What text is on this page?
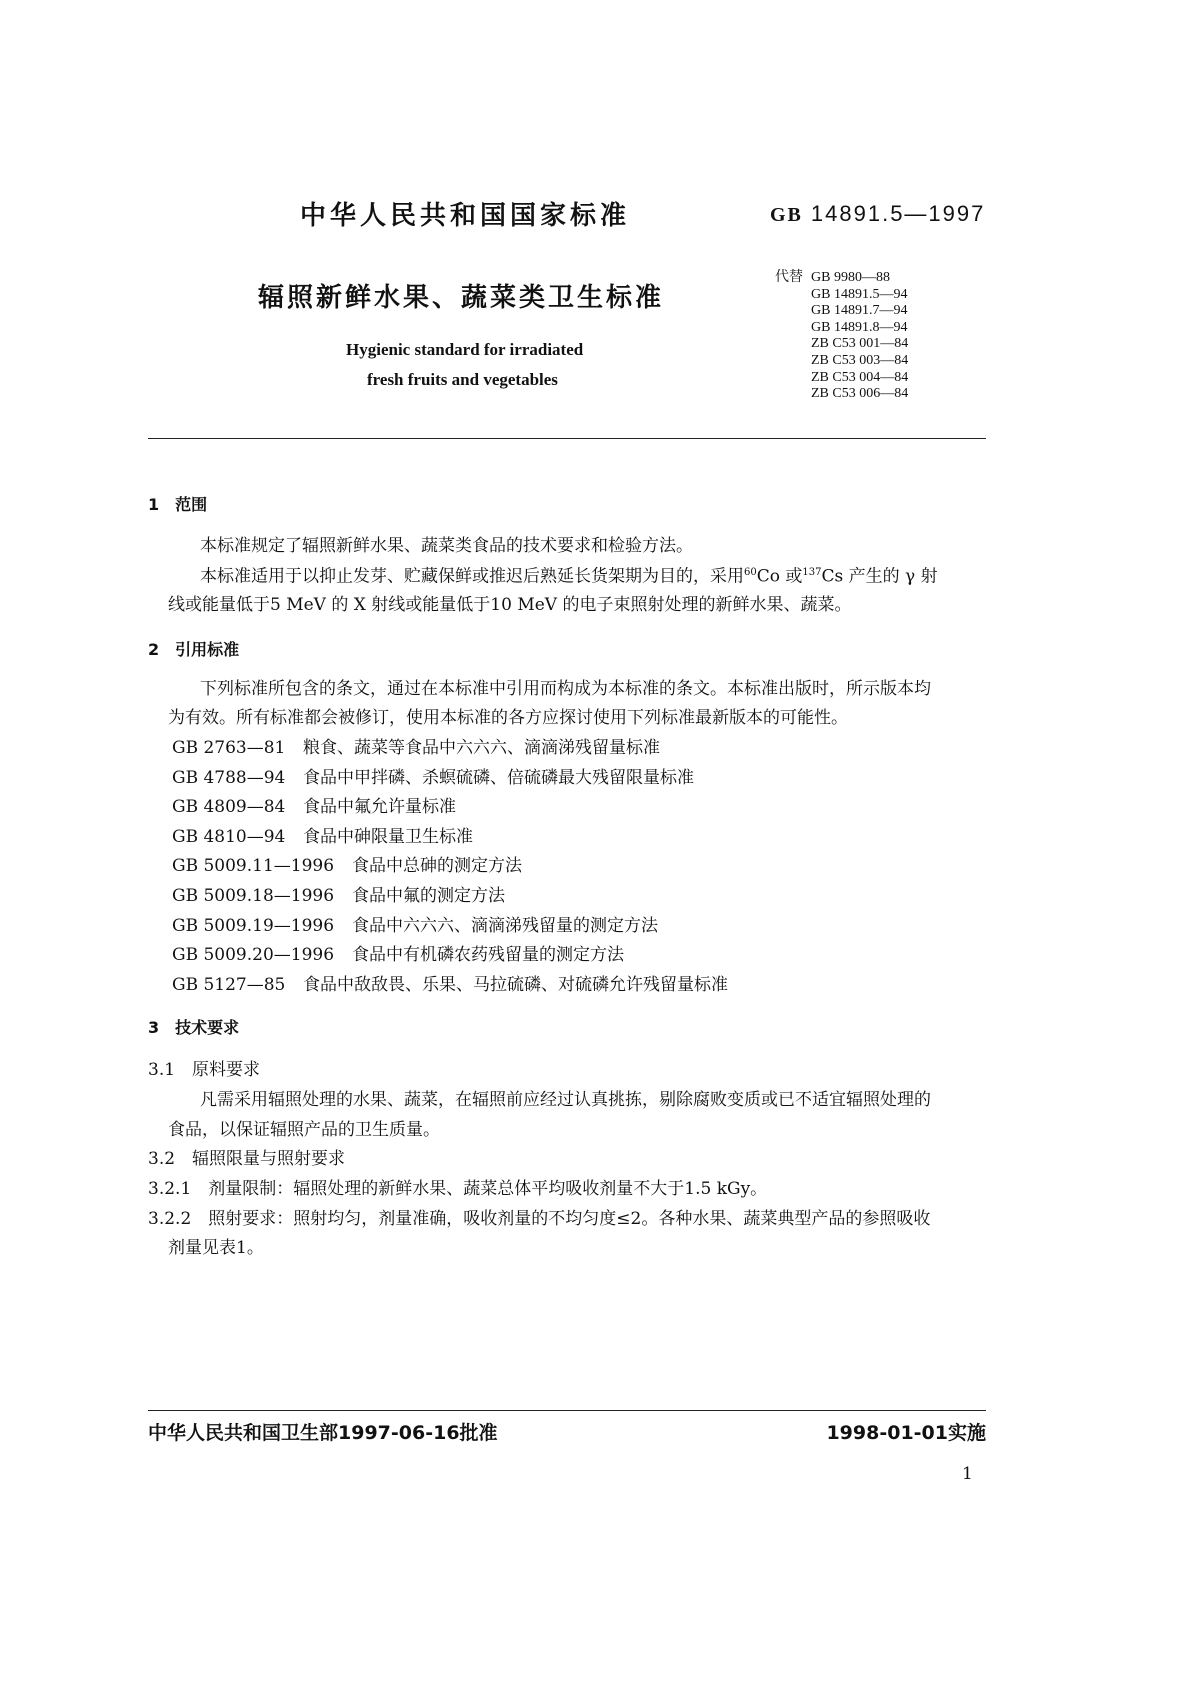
中华人民共和国国家标准	GB 14891.5—1997
辐照新鲜水果、蔬菜类卫生标准
Hygienic standard for irradiated
fresh fruits and vegetables
代替 GB 9980—88
GB 14891.5—94
GB 14891.7—94
GB 14891.8—94
ZB C53 001—84
ZB C53 003—84
ZB C53 004—84
ZB C53 006—84
1　范围
本标准规定了辐照新鲜水果、蔬菜类食品的技术要求和检验方法。
本标准适用于以抑止发芽、贮藏保鲜或推迟后熟延长货架期为目的，采用$^{60}$Co 或$^{137}$Cs 产生的 γ 射
线或能量低于5 MeV 的 X 射线或能量低于10 MeV 的电子束照射处理的新鲜水果、蔬菜。
2　引用标准
下列标准所包含的条文，通过在本标准中引用而构成为本标准的条文。本标准出版时，所示版本均
为有效。所有标准都会被修订，使用本标准的各方应探讨使用下列标准最新版本的可能性。
GB 2763—81 粮食、蔬菜等食品中六六六、滴滴涕残留量标准
GB 4788—94 食品中甲拌磷、杀螟硫磷、倍硫磷最大残留限量标准
GB 4809—84 食品中氟允许量标准
GB 4810—94 食品中砷限量卫生标准
GB 5009.11—1996 食品中总砷的测定方法
GB 5009.18—1996 食品中氟的测定方法
GB 5009.19—1996 食品中六六六、滴滴涕残留量的测定方法
GB 5009.20—1996 食品中有机磷农药残留量的测定方法
GB 5127—85 食品中敌敌畏、乐果、马拉硫磷、对硫磷允许残留量标准
3　技术要求
3.1　原料要求
凡需采用辐照处理的水果、蔬菜，在辐照前应经过认真挑拣，剔除腐败变质或已不适宜辐照处理的
食品，以保证辐照产品的卫生质量。
3.2　辐照限量与照射要求
3.2.1　剂量限制：辐照处理的新鲜水果、蔬菜总体平均吸收剂量不大于1.5 kGy。
3.2.2　照射要求：照射均匀，剂量准确，吸收剂量的不均匀度≤2。各种水果、蔬菜典型产品的参照吸收
剂量见表1。
中华人民共和国卫生部1997-06-16批准	1998-01-01实施
1
